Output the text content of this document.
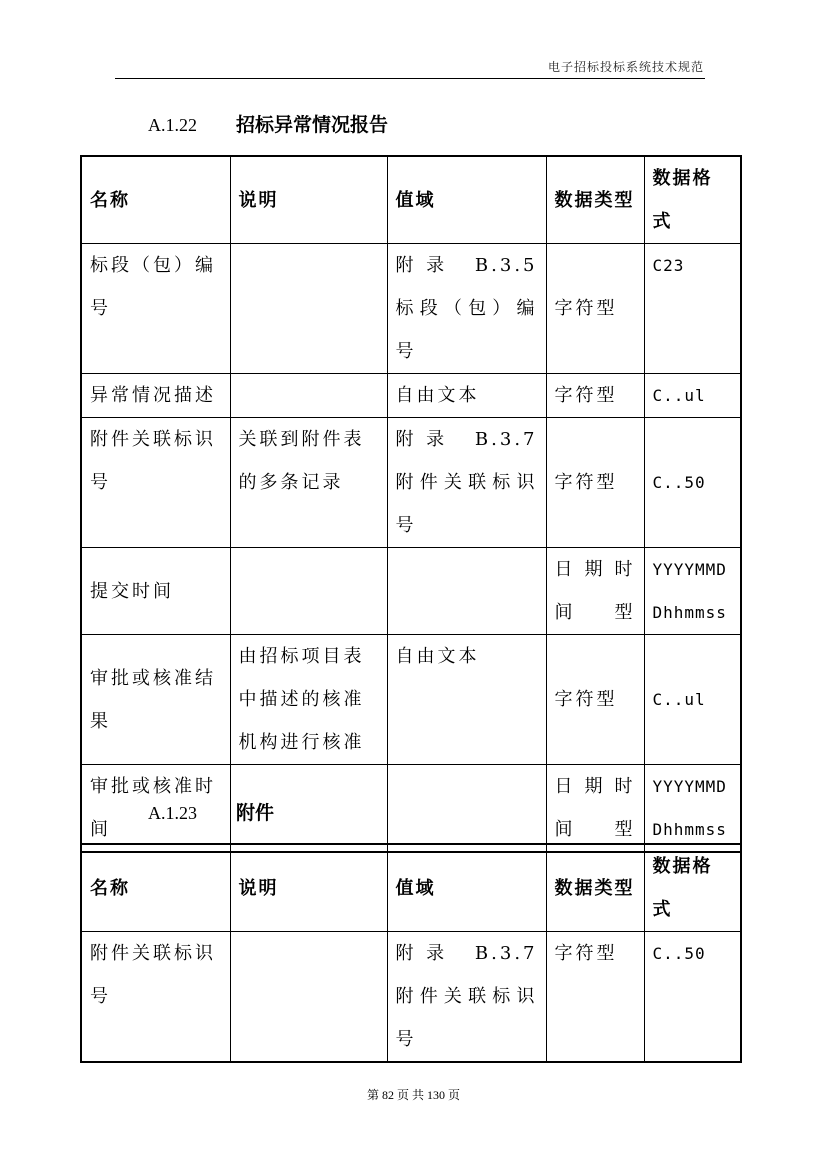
电子招标投标系统技术规范
A.1.22	招标异常情况报告
名称	说明	值域	数据类型	数据格式
标段（包）编号		附录 B.3.5 标段（包）编号	字符型	C23
异常情况描述		自由文本	字符型	C..ul
附件关联标识号	关联到附件表的多条记录	附录 B.3.7 附件关联标识号	字符型	C..50
提交时间			日期时间型	YYYYMMDDhhmmss
审批或核准结果	由招标项目表中描述的核准机构进行核准	自由文本	字符型	C..ul
审批或核准时间			日期时间型	YYYYMMDDhhmmss
A.1.23	附件
名称	说明	值域	数据类型	数据格式
附件关联标识号		附录 B.3.7 附件关联标识号	字符型	C..50
第 82 页 共 130 页
